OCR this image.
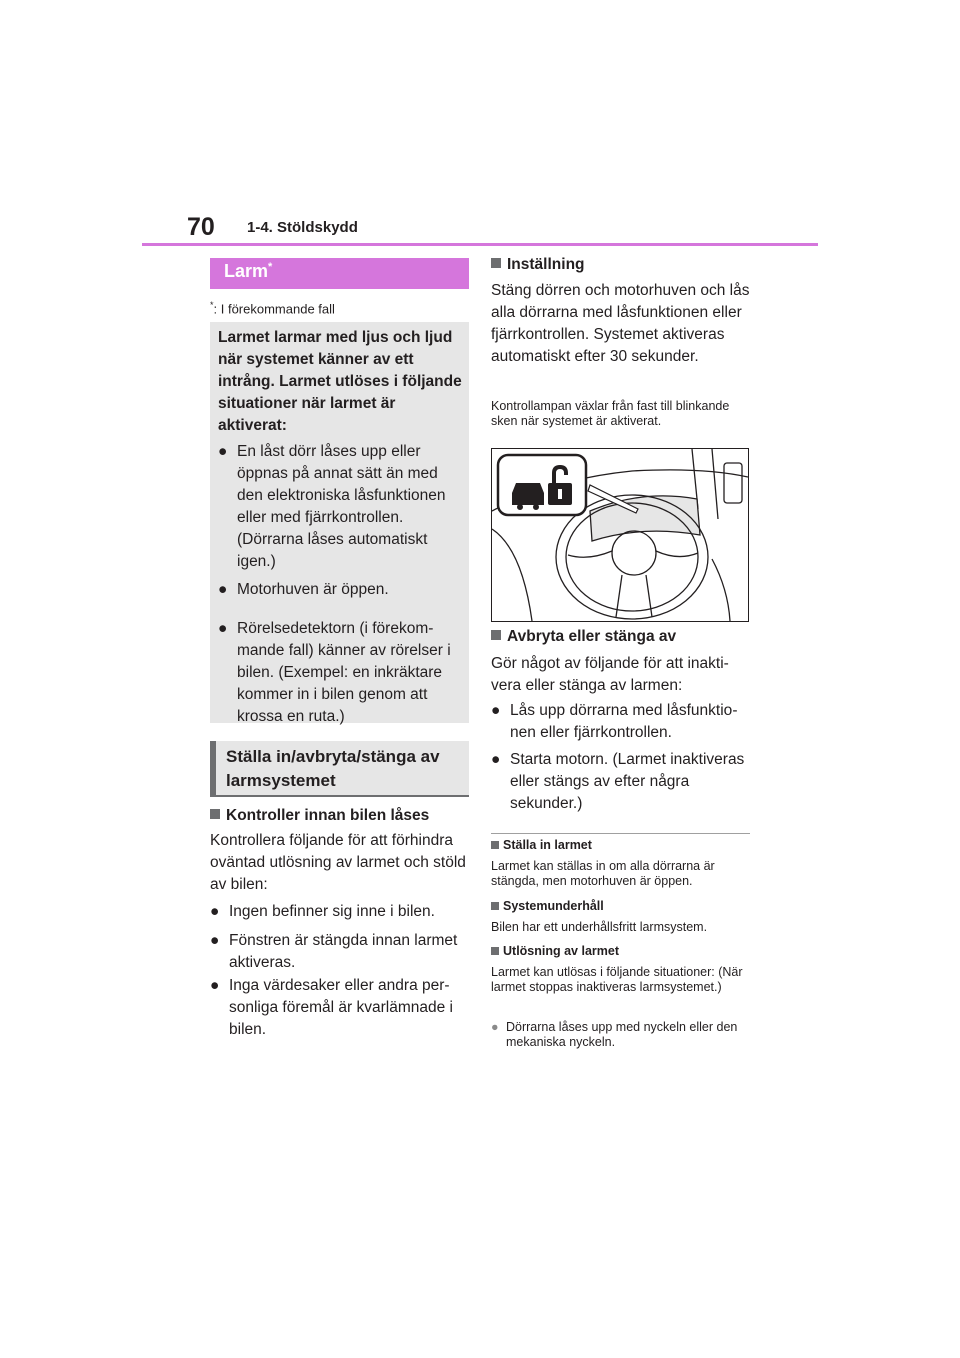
70 1-4. Stöldskydd
Larm*
*: I förekommande fall
Larmet larmar med ljus och ljud när systemet känner av ett intrång. Larmet utlöses i följande situationer när larmet är aktiverat:
● En låst dörr låses upp eller öppnas på annat sätt än med den elektroniska låsfunktionen eller med fjärrkontrollen. (Dörrarna låses automatiskt igen.)
● Motorhuven är öppen.
● Rörelsedetektorn (i förekommande fall) känner av rörelser i bilen. (Exempel: en inkräktare kommer in i bilen genom att krossa en ruta.)
Ställa in/avbryta/stänga av larmsystemet
Kontroller innan bilen låses
Kontrollera följande för att förhindra oväntad utlösning av larmet och stöld av bilen:
● Ingen befinner sig inne i bilen.
● Fönstren är stängda innan larmet aktiveras.
● Inga värdesaker eller andra personliga föremål är kvarlämnade i bilen.
Inställning
Stäng dörren och motorhuven och lås alla dörrarna med låsfunktionen eller fjärrkontrollen. Systemet aktiveras automatiskt efter 30 sekunder.
Kontrollampan växlar från fast till blinkande sken när systemet är aktiverat.
Avbryta eller stänga av
Gör något av följande för att inaktivera eller stänga av larmen:
● Lås upp dörrarna med låsfunktionen eller fjärrkontrollen.
● Starta motorn. (Larmet inaktiveras eller stängs av efter några sekunder.)
Ställa in larmet
Larmet kan ställas in om alla dörrarna är stängda, men motorhuven är öppen.
Systemunderhåll
Bilen har ett underhållsfritt larmsystem.
Utlösning av larmet
Larmet kan utlösas i följande situationer: (När larmet stoppas inaktiveras larmsystemet.)
● Dörrarna låses upp med nyckeln eller den mekaniska nyckeln.
